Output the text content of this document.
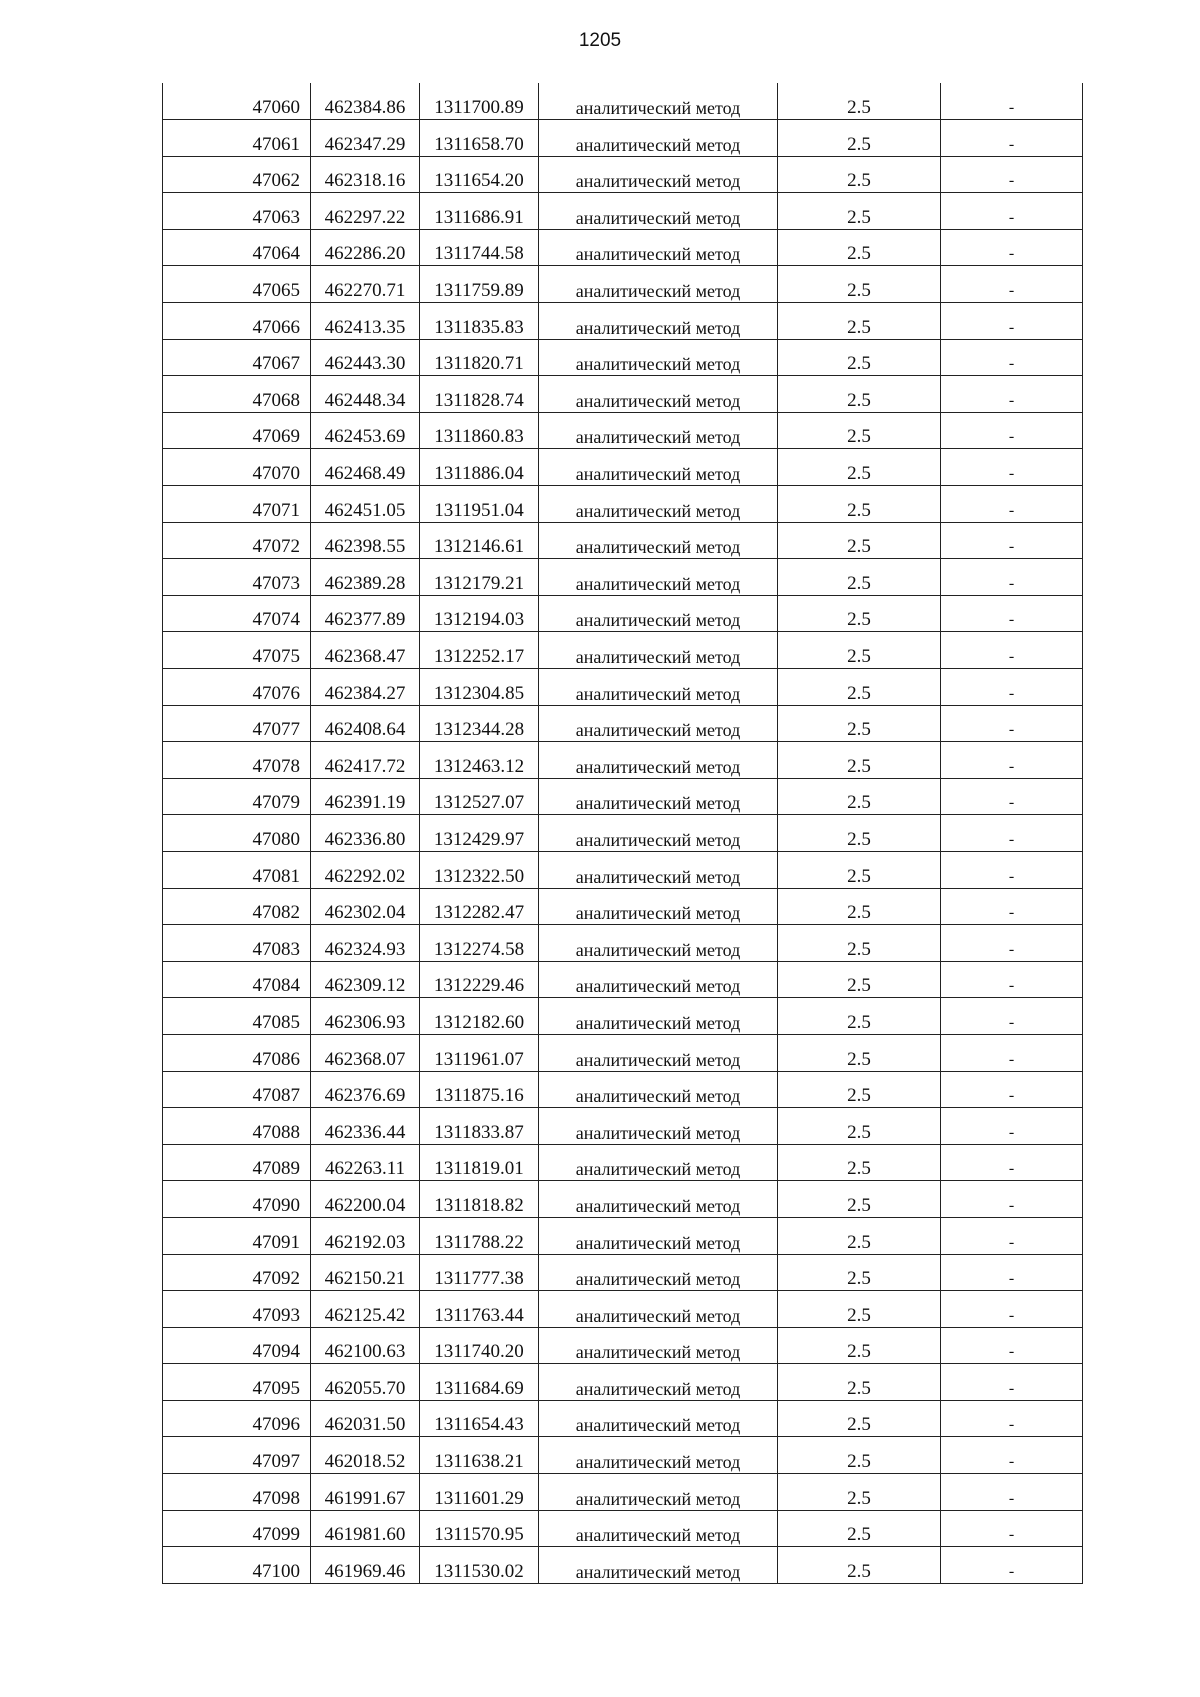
1205
47060	462384.86	1311700.89	аналитический метод	2.5	-
47061	462347.29	1311658.70	аналитический метод	2.5	-
47062	462318.16	1311654.20	аналитический метод	2.5	-
47063	462297.22	1311686.91	аналитический метод	2.5	-
47064	462286.20	1311744.58	аналитический метод	2.5	-
47065	462270.71	1311759.89	аналитический метод	2.5	-
47066	462413.35	1311835.83	аналитический метод	2.5	-
47067	462443.30	1311820.71	аналитический метод	2.5	-
47068	462448.34	1311828.74	аналитический метод	2.5	-
47069	462453.69	1311860.83	аналитический метод	2.5	-
47070	462468.49	1311886.04	аналитический метод	2.5	-
47071	462451.05	1311951.04	аналитический метод	2.5	-
47072	462398.55	1312146.61	аналитический метод	2.5	-
47073	462389.28	1312179.21	аналитический метод	2.5	-
47074	462377.89	1312194.03	аналитический метод	2.5	-
47075	462368.47	1312252.17	аналитический метод	2.5	-
47076	462384.27	1312304.85	аналитический метод	2.5	-
47077	462408.64	1312344.28	аналитический метод	2.5	-
47078	462417.72	1312463.12	аналитический метод	2.5	-
47079	462391.19	1312527.07	аналитический метод	2.5	-
47080	462336.80	1312429.97	аналитический метод	2.5	-
47081	462292.02	1312322.50	аналитический метод	2.5	-
47082	462302.04	1312282.47	аналитический метод	2.5	-
47083	462324.93	1312274.58	аналитический метод	2.5	-
47084	462309.12	1312229.46	аналитический метод	2.5	-
47085	462306.93	1312182.60	аналитический метод	2.5	-
47086	462368.07	1311961.07	аналитический метод	2.5	-
47087	462376.69	1311875.16	аналитический метод	2.5	-
47088	462336.44	1311833.87	аналитический метод	2.5	-
47089	462263.11	1311819.01	аналитический метод	2.5	-
47090	462200.04	1311818.82	аналитический метод	2.5	-
47091	462192.03	1311788.22	аналитический метод	2.5	-
47092	462150.21	1311777.38	аналитический метод	2.5	-
47093	462125.42	1311763.44	аналитический метод	2.5	-
47094	462100.63	1311740.20	аналитический метод	2.5	-
47095	462055.70	1311684.69	аналитический метод	2.5	-
47096	462031.50	1311654.43	аналитический метод	2.5	-
47097	462018.52	1311638.21	аналитический метод	2.5	-
47098	461991.67	1311601.29	аналитический метод	2.5	-
47099	461981.60	1311570.95	аналитический метод	2.5	-
47100	461969.46	1311530.02	аналитический метод	2.5	-
